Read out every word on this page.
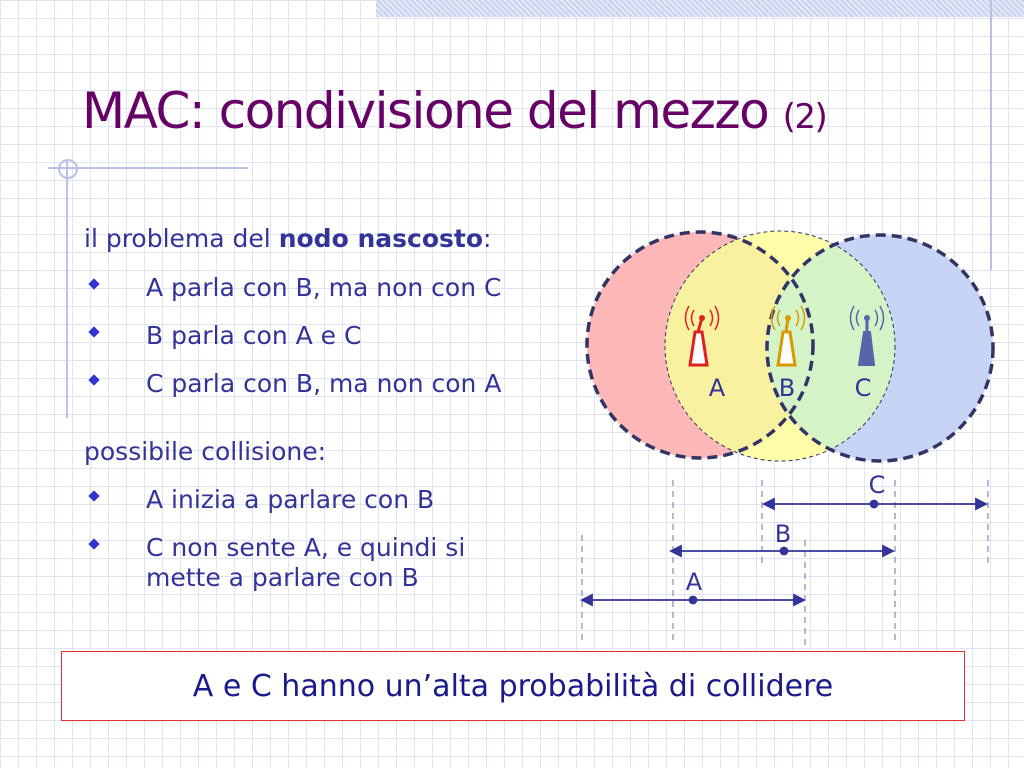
MAC: condivisione del mezzo (2)

il problema del nodo nascosto:

A parla con B, ma non con C
B parla con A e C
C parla con B, ma non con A

possibile collisione:

A inizia a parlare con B
C non sente A, e quindi si
mette a parlare con B
A B C
C
B
A
A e C hanno un’alta probabilità di collidere
